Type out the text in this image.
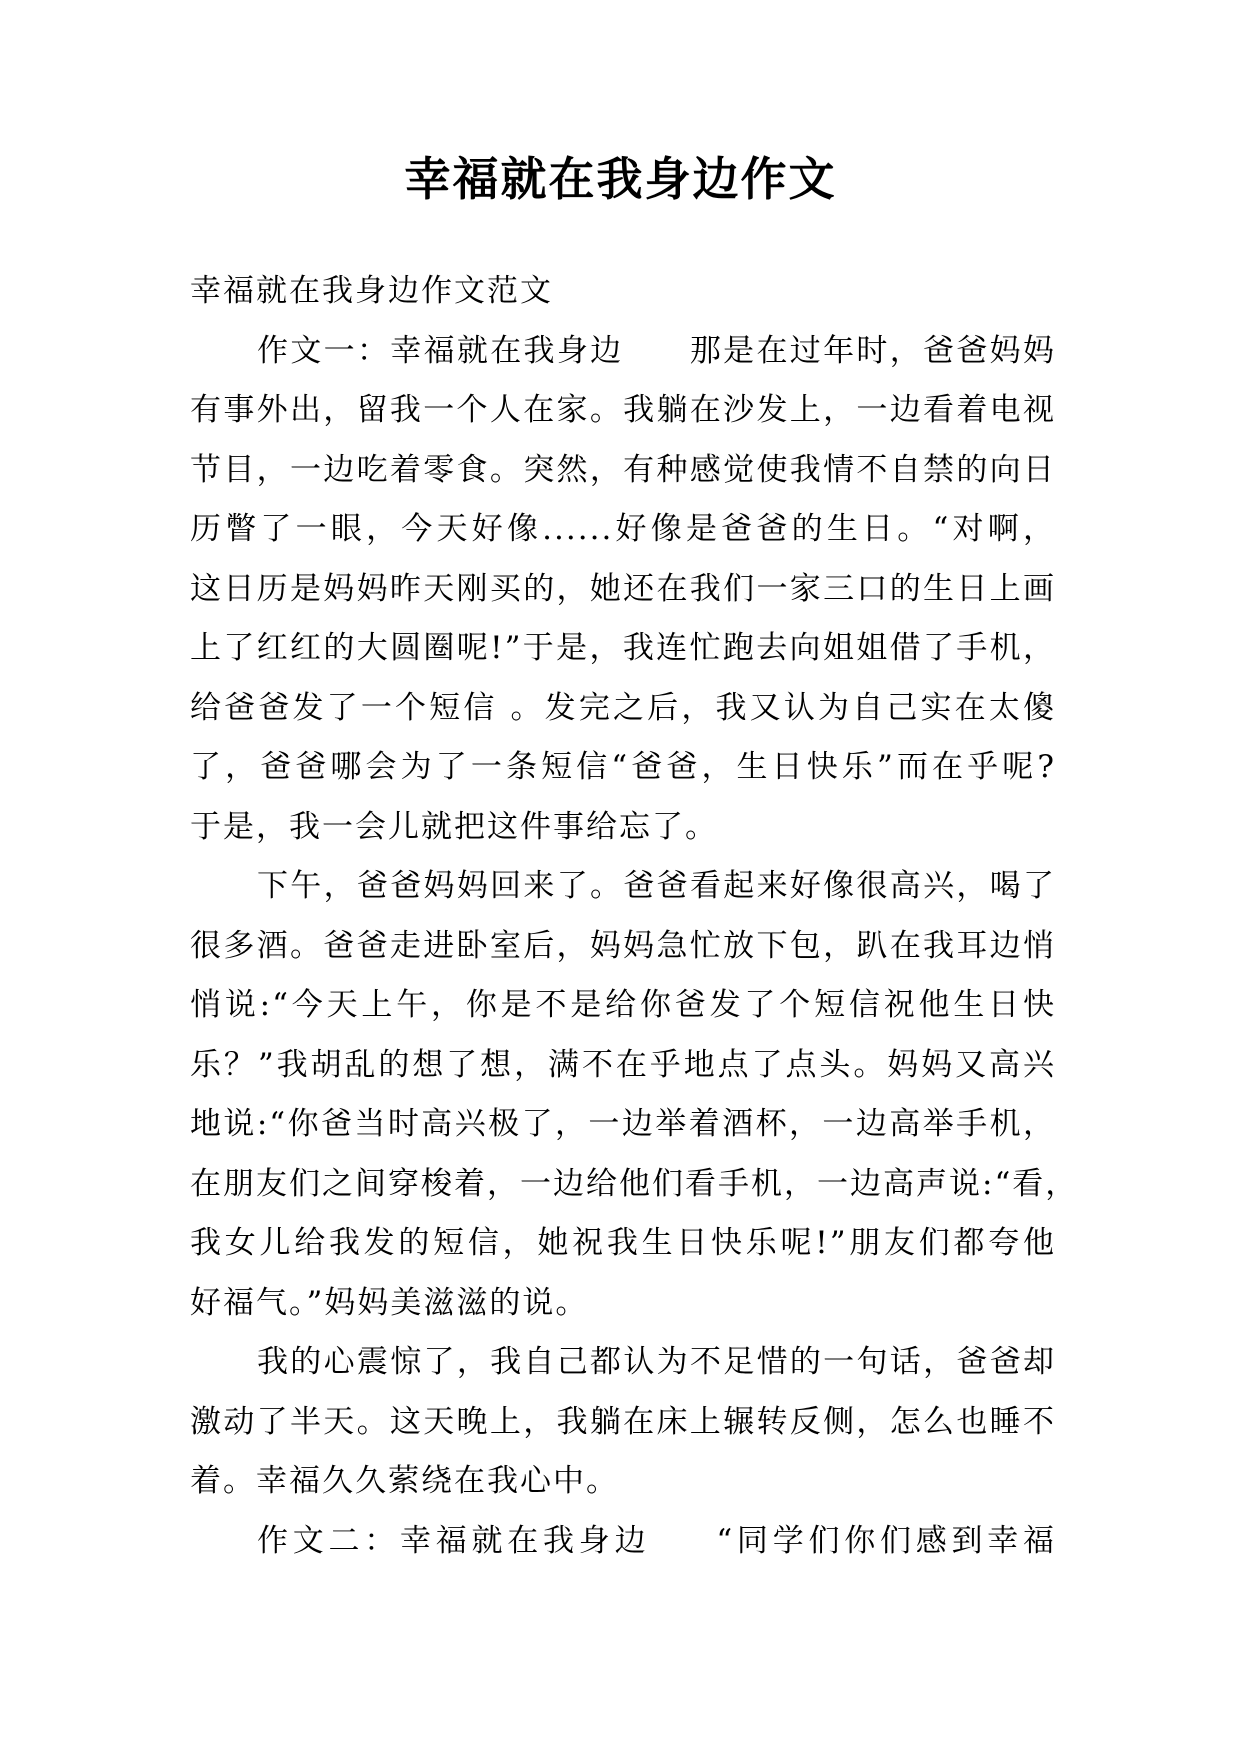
幸福就在我身边作文
幸福就在我身边作文范文
作文一：幸福就在我身边 那是在过年时，爸爸妈妈
有事外出，留我一个人在家。我躺在沙发上，一边看着电视
节目，一边吃着零食。突然，有种感觉使我情不自禁的向日
历瞥了一眼，今天好像......好像是爸爸的生日。“对啊，
这日历是妈妈昨天刚买的，她还在我们一家三口的生日上画
上了红红的大圆圈呢!”于是，我连忙跑去向姐姐借了手机，
给爸爸发了一个短信 。发完之后，我又认为自己实在太傻
了，爸爸哪会为了一条短信“爸爸，生日快乐”而在乎呢?
于是，我一会儿就把这件事给忘了。
下午，爸爸妈妈回来了。爸爸看起来好像很高兴，喝了
很多酒。爸爸走进卧室后，妈妈急忙放下包，趴在我耳边悄
悄说:“今天上午，你是不是给你爸发了个短信祝他生日快
乐？”我胡乱的想了想，满不在乎地点了点头。妈妈又高兴
地说:“你爸当时高兴极了，一边举着酒杯，一边高举手机，
在朋友们之间穿梭着，一边给他们看手机，一边高声说:“看，
我女儿给我发的短信，她祝我生日快乐呢!”朋友们都夸他
好福气。”妈妈美滋滋的说。
我的心震惊了，我自己都认为不足惜的一句话，爸爸却
激动了半天。这天晚上，我躺在床上辗转反侧，怎么也睡不
着。幸福久久萦绕在我心中。
作文二：幸福就在我身边 “同学们你们感到幸福
